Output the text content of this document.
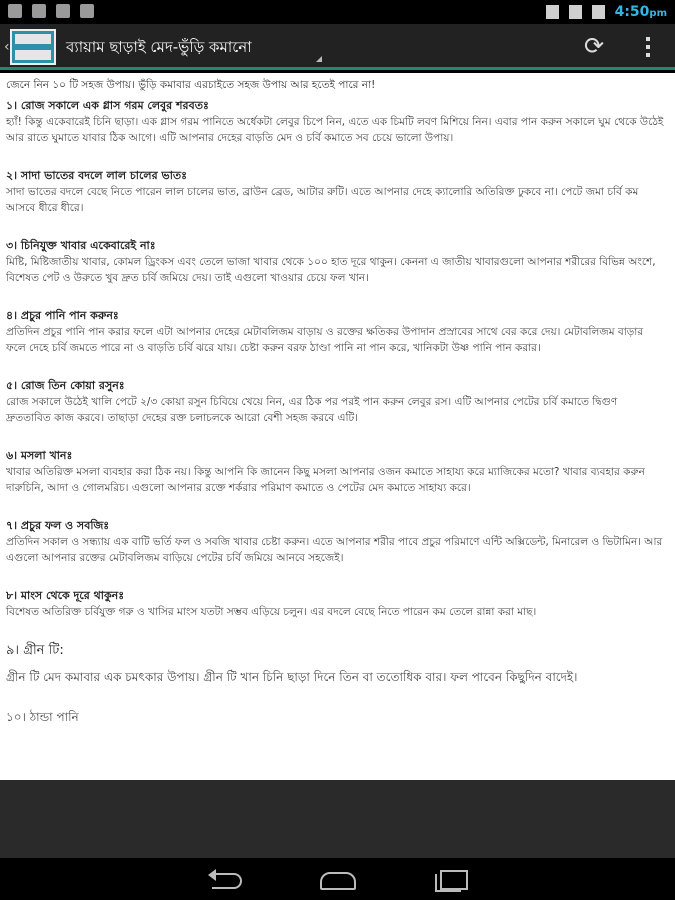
4:50pm
‹	ব্যায়াম ছাড়াই মেদ-ভুঁড়ি কমানো	⟳

জেনে নিন ১০ টি সহজ উপায়। ভুঁড়ি কমাবার এরচাইতে সহজ উপায় আর হতেই পারে না!

১। রোজ সকালে এক গ্লাস গরম লেবুর শরবতঃ

হ্যাঁ! কিন্তু একেবারেই চিনি ছাড়া। এক গ্লাস গরম পানিতে অর্ধেকটা লেবুর চিপে নিন, এতে এক চিমটি লবণ মিশিয়ে নিন। এবার পান করুন সকালে ঘুম থেকে উঠেই আর রাতে ঘুমাতে যাবার ঠিক আগে। এটি আপনার দেহের বাড়তি মেদ ও চর্বি কমাতে সব চেয়ে ভালো উপায়।

২। সাদা ভাতের বদলে লাল চালের ভাতঃ

সাদা ভাতের বদলে বেছে নিতে পারেন লাল চালের ভাত, ব্রাউন ব্রেড, আটার রুটি। এতে আপনার দেহে ক্যালোরি অতিরিক্ত ঢুকবে না। পেটে জমা চর্বি কম আসবে ধীরে ধীরে।

৩। চিনিযুক্ত খাবার একেবারেই নাঃ

মিষ্টি, মিষ্টিজাতীয় খাবার, কোমল ড্রিংকস এবং তেলে ভাজা খাবার থেকে ১০০ হাত দূরে থাকুন। কেননা এ জাতীয় খাবারগুলো আপনার শরীরের বিভিন্ন অংশে, বিশেষত পেট ও উরুতে খুব দ্রুত চর্বি জমিয়ে দেয়। তাই এগুলো খাওয়ার চেয়ে ফল খান।

৪। প্রচুর পানি পান করুনঃ

প্রতিদিন প্রচুর পানি পান করার ফলে এটা আপনার দেহের মেটাবলিজম বাড়ায় ও রক্তের ক্ষতিকর উপাদান প্রস্রাবের সাথে বের করে দেয়। মেটাবলিজম বাড়ার ফলে দেহে চর্বি জমতে পারে না ও বাড়তি চর্বি ঝরে যায়। চেষ্টা করুন বরফ ঠাণ্ডা পানি না পান করে, খানিকটা উষ্ণ পানি পান করার।

৫। রোজ তিন কোয়া রসুনঃ

রোজ সকালে উঠেই খালি পেটে ২/৩ কোয়া রসুন চিবিয়ে খেয়ে নিন, এর ঠিক পর পরই পান করুন লেবুর রস। এটি আপনার পেটের চর্বি কমাতে দ্বিগুণ দ্রুততাবিত কাজ করবে। তাছাড়া দেহের রক্ত চলাচলকে আরো বেশী সহজ করবে এটি।

৬। মসলা খানঃ

খাবার অতিরিক্ত মসলা ব্যবহার করা ঠিক নয়। কিন্তু আপনি কি জানেন কিছু মসলা আপনার ওজন কমাতে সাহায্য করে ম্যাজিকের মতো? খাবার ব্যবহার করুন দারুচিনি, আদা ও গোলমরিচ। এগুলো আপনার রক্তে শর্করার পরিমাণ কমাতে ও পেটের মেদ কমাতে সাহায্য করে।

৭। প্রচুর ফল ও সবজিঃ

প্রতিদিন সকাল ও সন্ধ্যায় এক বাটি ভর্তি ফল ও সবজি খাবার চেষ্টা করুন। এতে আপনার শরীর পাবে প্রচুর পরিমাণে এন্টি অক্সিডেন্ট, মিনারেল ও ভিটামিন। আর এগুলো আপনার রক্তের মেটাবলিজম বাড়িয়ে পেটের চর্বি জমিয়ে আনবে সহজেই।

৮। মাংস থেকে দূরে থাকুনঃ

বিশেষত অতিরিক্ত চর্বিযুক্ত গরু ও খাসির মাংস যতটা সম্ভব এড়িয়ে চলুন। এর বদলে বেছে নিতে পারেন কম তেলে রান্না করা মাছ।

৯। গ্রীন টি:

গ্রীন টি মেদ কমাবার এক চমৎকার উপায়। গ্রীন টি খান চিনি ছাড়া দিনে তিন বা ততোধিক বার। ফল পাবেন কিছুদিন বাদেই।

১০। ঠান্ডা পানি
